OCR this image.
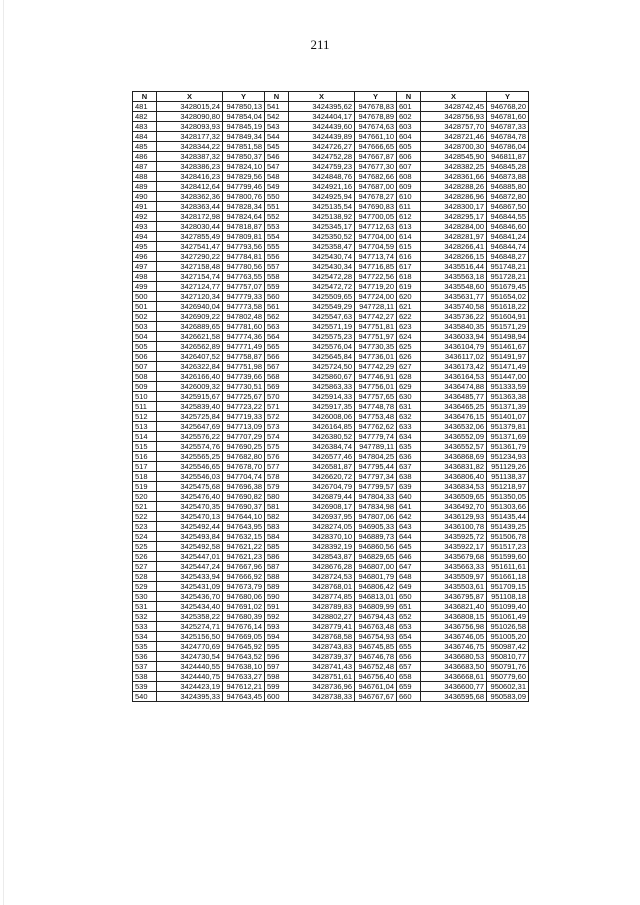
211
N	X	Y	N	X	Y	N	X	Y
481	3428015,24	947850,13	541	3424395,62	947678,83	601	3428742,45	946768,20
482	3428090,80	947854,04	542	3424404,17	947678,89	602	3428756,93	946781,60
483	3428093,93	947845,19	543	3424439,60	947674,63	603	3428757,70	946787,33
484	3428177,32	947849,34	544	3424439,89	947661,10	604	3428721,46	946784,78
485	3428344,22	947851,58	545	3424726,27	947666,65	605	3428700,30	946786,04
486	3428387,32	947850,37	546	3424752,28	947667,87	606	3428545,90	946811,87
487	3428386,23	947824,10	547	3424759,23	947677,30	607	3428382,25	946845,28
488	3428416,23	947829,56	548	3424848,76	947682,66	608	3428361,66	946873,88
489	3428412,64	947799,46	549	3424921,16	947687,00	609	3428288,26	946885,80
490	3428362,36	947800,76	550	3424925,94	947678,27	610	3428286,96	946872,80
491	3428363,44	947828,34	551	3425135,54	947690,83	611	3428300,17	946867,50
492	3428172,98	947824,64	552	3425138,92	947700,05	612	3428295,17	946844,55
493	3428030,44	947818,87	553	3425345,17	947712,63	613	3428284,00	946846,60
494	3427855,49	947809,81	554	3425350,52	947704,00	614	3428281,97	946841,24
495	3427541,47	947793,56	555	3425358,47	947704,59	615	3428266,41	946844,74
496	3427290,22	947784,81	556	3425430,74	947713,74	616	3428266,15	946848,27
497	3427158,48	947780,56	557	3425430,34	947716,85	617	3435516,44	951748,21
498	3427154,74	947763,55	558	3425472,28	947722,56	618	3435563,18	951728,21
499	3427124,77	947757,07	559	3425472,72	947719,20	619	3435548,60	951679,45
500	3427120,34	947779,33	560	3425509,65	947724,00	620	3435631,77	951654,02
501	3426940,04	947773,58	561	3425549,29	947728,11	621	3435740,58	951618,22
502	3426909,22	947802,48	562	3425547,63	947742,27	622	3435736,22	951604,91
503	3426889,65	947781,60	563	3425571,19	947751,81	623	3435840,35	951571,29
504	3426621,58	947774,36	564	3425575,23	947751,97	624	3436033,94	951498,94
505	3426562,89	947771,49	565	3425576,04	947730,35	625	3436104,79	951461,67
506	3426407,52	947758,87	566	3425645,84	947736,01	626	3436117,02	951491,97
507	3426322,84	947751,98	567	3425724,50	947742,29	627	3436173,42	951471,49
508	3426166,40	947739,66	568	3425860,67	947746,91	628	3436164,53	951447,00
509	3426009,32	947730,51	569	3425863,33	947756,01	629	3436474,88	951333,59
510	3425915,67	947725,67	570	3425914,33	947757,65	630	3436485,77	951363,38
511	3425839,40	947723,22	571	3425917,35	947748,78	631	3436465,25	951371,39
512	3425725,84	947719,33	572	3426008,06	947753,48	632	3436476,15	951401,07
513	3425647,69	947713,09	573	3426164,85	947762,62	633	3436532,06	951379,81
514	3425576,22	947707,29	574	3426380,52	947779,74	634	3436552,09	951371,69
515	3425574,76	947690,25	575	3426384,74	947789,11	635	3436552,57	951361,79
516	3425565,25	947682,80	576	3426577,46	947804,25	636	3436868,69	951234,93
517	3425546,65	947678,70	577	3426581,87	947795,44	637	3436831,82	951129,26
518	3425546,03	947704,74	578	3426620,72	947797,34	638	3436806,40	951138,37
519	3425475,68	947696,38	579	3426704,79	947799,57	639	3436834,53	951218,97
520	3425476,40	947690,82	580	3426879,44	947804,33	640	3436509,65	951350,05
521	3425470,35	947690,37	581	3426908,17	947834,98	641	3436492,70	951303,66
522	3425470,13	947644,10	582	3426937,95	947807,06	642	3436129,93	951435,44
523	3425492,44	947643,95	583	3428274,05	946905,33	643	3436100,78	951439,25
524	3425493,84	947632,15	584	3428370,10	946889,73	644	3435925,72	951506,78
525	3425492,58	947621,22	585	3428392,19	946860,56	645	3435922,17	951517,23
526	3425447,01	947621,23	586	3428543,87	946829,65	646	3435679,68	951599,60
527	3425447,24	947667,96	587	3428676,28	946807,00	647	3435663,33	951611,61
528	3425433,94	947666,92	588	3428724,53	946801,79	648	3435509,97	951661,18
529	3425431,09	947673,79	589	3428768,01	946806,42	649	3435503,61	951709,15
530	3425436,70	947680,06	590	3428774,85	946813,01	650	3436795,87	951108,18
531	3425434,40	947691,02	591	3428789,83	946809,99	651	3436821,40	951099,40
532	3425358,22	947680,39	592	3428802,27	946794,43	652	3436808,15	951061,49
533	3425274,71	947676,14	593	3428779,41	946763,48	653	3436756,98	951026,58
534	3425156,50	947669,05	594	3428768,58	946754,93	654	3436746,05	951005,20
535	3424770,69	947645,92	595	3428743,83	946745,85	655	3436746,75	950987,42
536	3424730,54	947643,52	596	3428739,37	946746,78	656	3436680,53	950810,77
537	3424440,55	947638,10	597	3428741,43	946752,48	657	3436683,50	950791,76
538	3424440,75	947633,27	598	3428751,61	946756,40	658	3436668,61	950779,60
539	3424423,19	947612,21	599	3428736,96	946761,04	659	3436600,77	950602,31
540	3424395,33	947643,45	600	3428738,33	946767,67	660	3436595,68	950583,09
